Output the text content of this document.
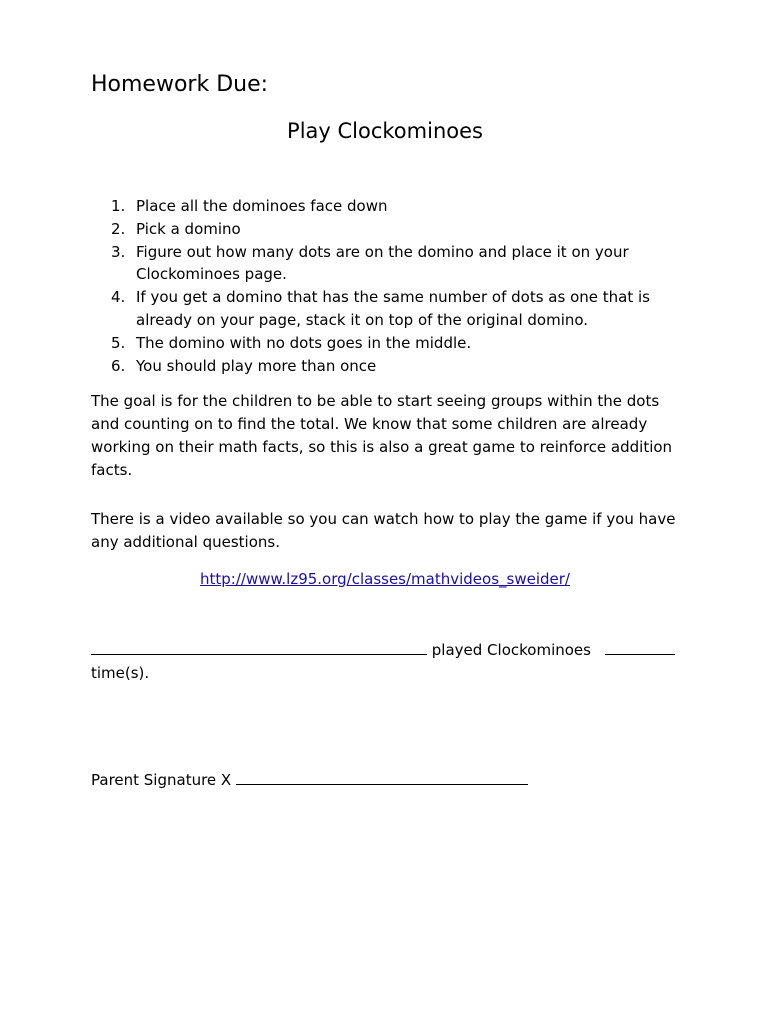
Homework Due:
Play Clockominoes
1. Place all the dominoes face down
2. Pick a domino
3. Figure out how many dots are on the domino and place it on your Clockominoes page.
4. If you get a domino that has the same number of dots as one that is already on your page, stack it on top of the original domino.
5. The domino with no dots goes in the middle.
6. You should play more than once

The goal is for the children to be able to start seeing groups within the dots and counting on to find the total. We know that some children are already working on their math facts, so this is also a great game to reinforce addition facts.

There is a video available so you can watch how to play the game if you have any additional questions.

http://www.lz95.org/classes/mathvideos_sweider/
played Clockominoes
time(s).
Parent Signature X
